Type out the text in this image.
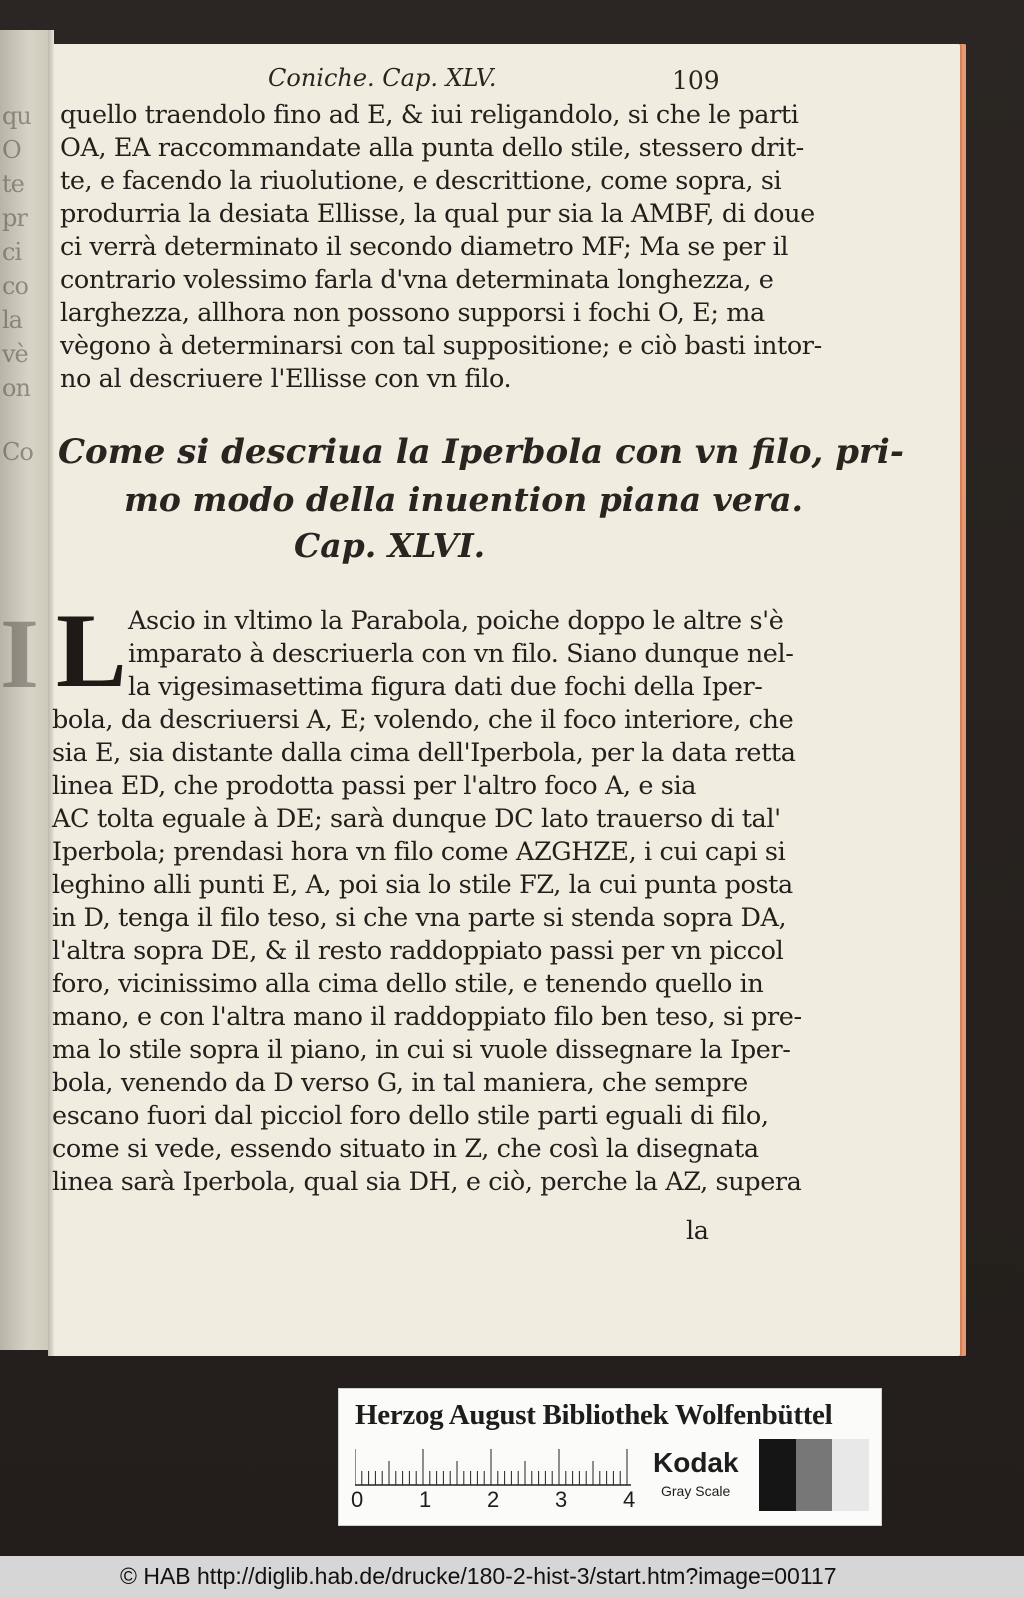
qu
O
te
pr
ci
co
la
vè
on
Co
I

Coniche. Cap. XLV.	109
quello traendolo fino ad E, & iui religandolo, si che le parti
OA, EA raccommandate alla punta dello stile, stessero drit-
te, e facendo la riuolutione, e descrittione, come sopra, si
produrria la desiata Ellisse, la qual pur sia la AMBF, di doue
ci verrà determinato il secondo diametro MF; Ma se per il
contrario volessimo farla d'vna determinata longhezza, e
larghezza, allhora non possono supporsi i fochi O, E; ma
vègono à determinarsi con tal suppositione; e ciò basti intor-
no al descriuere l'Ellisse con vn filo.
Come si descriua la Iperbola con vn filo, pri-
mo modo della inuention piana vera.
Cap. XLVI.
L Ascio in vltimo la Parabola, poiche doppo le altre s'è
imparato à descriuerla con vn filo. Siano dunque nel-
la vigesimasettima figura dati due fochi della Iper-
bola, da descriuersi A, E; volendo, che il foco interiore, che
sia E, sia distante dalla cima dell'Iperbola, per la data retta
linea ED, che prodotta passi per l'altro foco A, e sia
AC tolta eguale à DE; sarà dunque DC lato trauerso di tal'
Iperbola; prendasi hora vn filo come AZGHZE, i cui capi si
leghino alli punti E, A, poi sia lo stile FZ, la cui punta posta
in D, tenga il filo teso, si che vna parte si stenda sopra DA,
l'altra sopra DE, & il resto raddoppiato passi per vn piccol
foro, vicinissimo alla cima dello stile, e tenendo quello in
mano, e con l'altra mano il raddoppiato filo ben teso, si pre-
ma lo stile sopra il piano, in cui si vuole dissegnare la Iper-
bola, venendo da D verso G, in tal maniera, che sempre
escano fuori dal picciol foro dello stile parti eguali di filo,
come si vede, essendo situato in Z, che così la disegnata
linea sarà Iperbola, qual sia DH, e ciò, perche la AZ, supera
la
Herzog August Bibliothek Wolfenbüttel
0	1	2	3	4
Kodak
Gray Scale
© HAB http://diglib.hab.de/drucke/180-2-hist-3/start.htm?image=00117
